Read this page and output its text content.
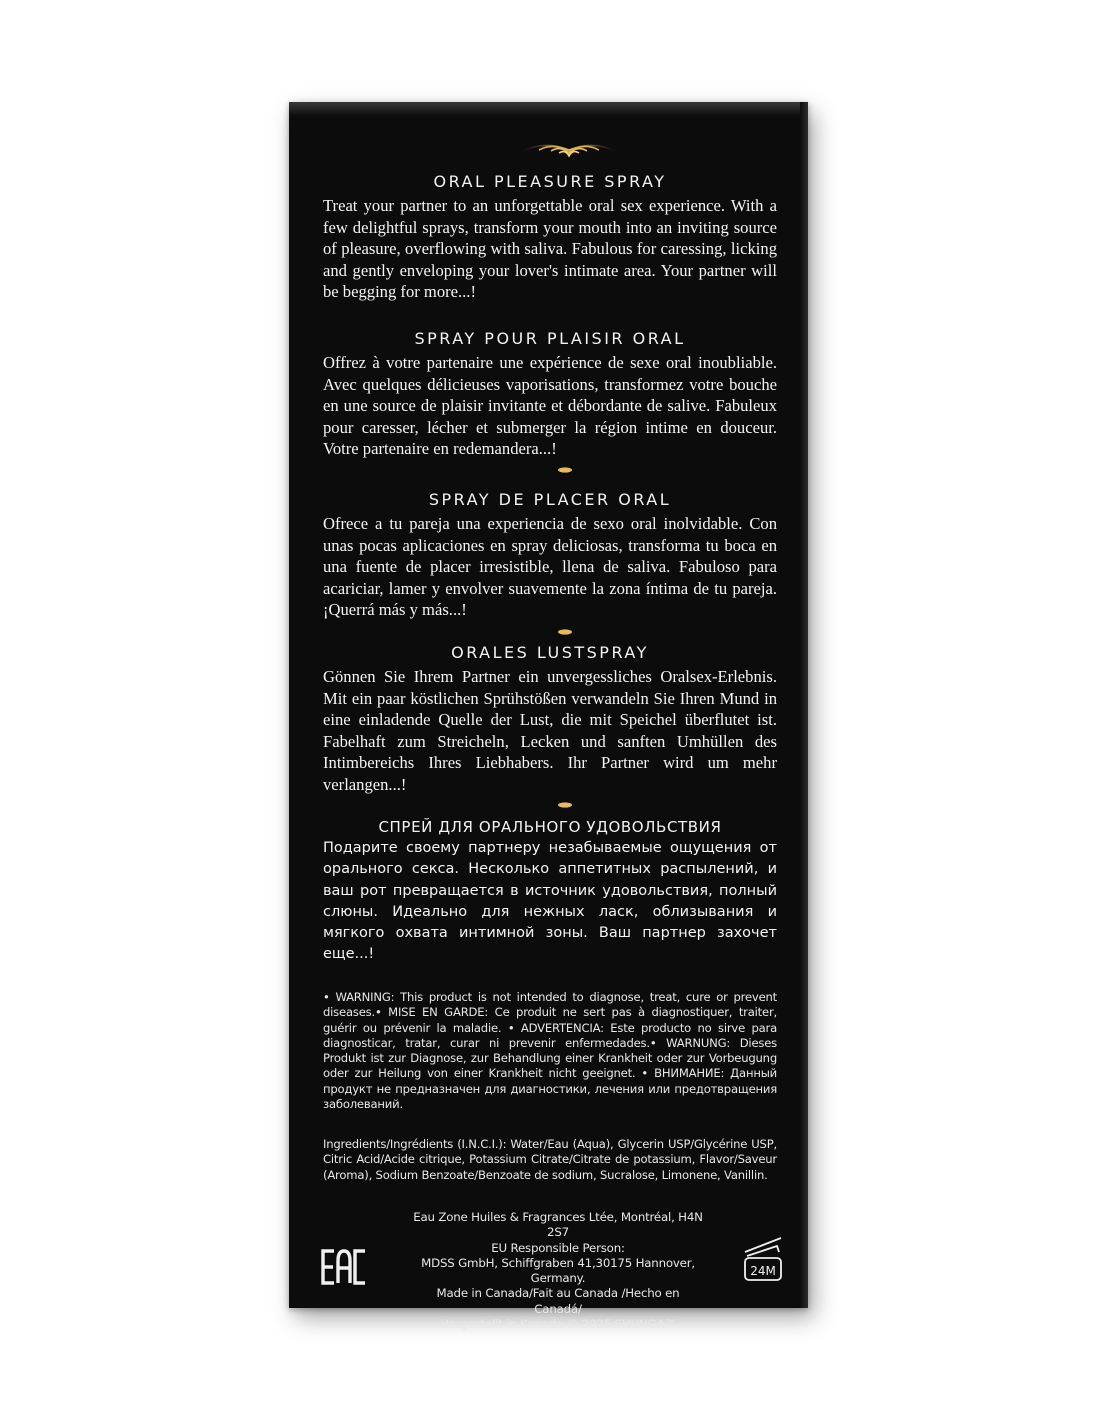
ORAL PLEASURE SPRAY
Treat your partner to an unforgettable oral sex experience. With a few delightful sprays, transform your mouth into an inviting source of pleasure, overflowing with saliva. Fabulous for caressing, licking and gently enveloping your lover's intimate area. Your partner will be begging for more...!
SPRAY POUR PLAISIR ORAL
Offrez à votre partenaire une expérience de sexe oral inoubliable. Avec quelques délicieuses vaporisations, transformez votre bouche en une source de plaisir invitante et débordante de salive. Fabuleux pour caresser, lécher et submerger la région intime en douceur. Votre partenaire en redemandera...!
SPRAY DE PLACER ORAL
Ofrece a tu pareja una experiencia de sexo oral inolvidable. Con unas pocas aplicaciones en spray deliciosas, transforma tu boca en una fuente de placer irresistible, llena de saliva. Fabuloso para acariciar, lamer y envolver suavemente la zona íntima de tu pareja. ¡Querrá más y más...!
ORALES LUSTSPRAY
Gönnen Sie Ihrem Partner ein unvergessliches Oralsex-Erlebnis. Mit ein paar köstlichen Sprühstößen verwandeln Sie Ihren Mund in eine einladende Quelle der Lust, die mit Speichel überflutet ist. Fabelhaft zum Streicheln, Lecken und sanften Umhüllen des Intimbereichs Ihres Liebhabers. Ihr Partner wird um mehr verlangen...!
СПРЕЙ ДЛЯ ОРАЛЬНОГО УДОВОЛЬСТВИЯ
Подарите своему партнеру незабываемые ощущения от орального секса. Несколько аппетитных распылений, и ваш рот превращается в источник удовольствия, полный слюны. Идеально для нежных ласк, облизывания и мягкого охвата интимной зоны. Ваш партнер захочет еще...!
• WARNING: This product is not intended to diagnose, treat, cure or prevent diseases.• MISE EN GARDE: Ce produit ne sert pas à diagnostiquer, traiter, guérir ou prévenir la maladie. • ADVERTENCIA: Este producto no sirve para diagnosticar, tratar, curar ni prevenir enfermedades.• WARNUNG: Dieses Produkt ist zur Diagnose, zur Behandlung einer Krankheit oder zur Vorbeugung oder zur Heilung von einer Krankheit nicht geeignet. • ВНИМАНИЕ: Данный продукт не предназначен для диагностики, лечения или предотвращения заболеваний.
Ingredients/Ingrédients (I.N.C.I.): Water/Eau (Aqua), Glycerin USP/Glycérine USP, Citric Acid/Acide citrique, Potassium Citrate/Citrate de potassium, Flavor/Saveur (Aroma), Sodium Benzoate/Benzoate de sodium, Sucralose, Limonene, Vanillin.
Eau Zone Huiles & Fragrances Ltée, Montréal, H4N 2S7
EU Responsible Person:
MDSS GmbH, Schiffgraben 41,30175 Hannover, Germany.
Made in Canada/Fait au Canada /Hecho en Canadá/
Hergestellt in Kanada © 2025 SHUNGA™
24M
